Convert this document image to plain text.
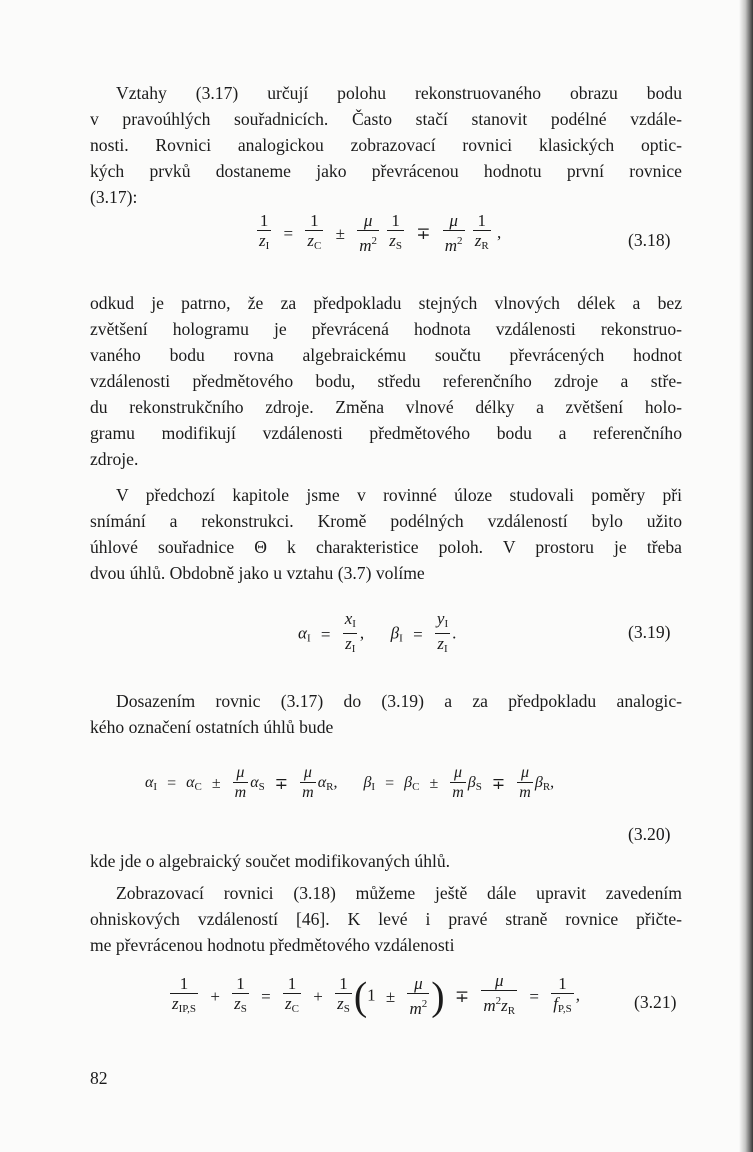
Vztahy (3.17) určují polohu rekonstruovaného obrazu bodu
v pravoúhlých souřadnicích. Často stačí stanovit podélné vzdále-
nosti. Rovnici analogickou zobrazovací rovnici klasických optic-
kých prvků dostaneme jako převrácenou hodnotu první rovnice
(3.17):
$\frac{1}{z_I} = \frac{1}{z_C} \pm \frac{\mu}{m^2}$
$\frac{1}{z_S} \mp \frac{\mu}{m^2}$
$\frac{1}{z_R}$ ,	(3.18)
odkud je patrno, že za předpokladu stejných vlnových délek a bez
zvětšení hologramu je převrácená hodnota vzdálenosti rekonstruo-
vaného bodu rovna algebraickému součtu převrácených hodnot
vzdálenosti předmětového bodu, středu referenčního zdroje a stře-
du rekonstrukčního zdroje. Změna vlnové délky a zvětšení holo-
gramu modifikují vzdálenosti předmětového bodu a referenčního
zdroje.
V předchozí kapitole jsme v rovinné úloze studovali poměry při
snímání a rekonstrukci. Kromě podélných vzdáleností bylo užito
úhlové souřadnice Θ k charakteristice poloh. V prostoru je třeba
dvou úhlů. Obdobně jako u vztahu (3.7) volíme
$\alpha_I = \frac{x_I}{z_I}$ , $\beta_I = \frac{y_I}{z_I}$ .	(3.19)
Dosazením rovnic (3.17) do (3.19) a za předpokladu analogic-
kého označení ostatních úhlů bude
$\alpha_I = \alpha_C \pm \frac{\mu}{m} \alpha_S \mp \frac{\mu}{m} \alpha_R$, $\beta_I = \beta_C \pm \frac{\mu}{m} \beta_S \mp \frac{\mu}{m} \beta_R$,
(3.20)
kde jde o algebraický součet modifikovaných úhlů.
Zobrazovací rovnici (3.18) můžeme ještě dále upravit zavedením
ohniskových vzdáleností [46]. K levé i pravé straně rovnice přičte-
me převrácenou hodnotu předmětového vzdálenosti
$\frac{1}{z_{IP,S}} + \frac{1}{z_S} = \frac{1}{z_C} + \frac{1}{z_S} (1 \pm \frac{\mu}{m^2}$ ) ∓ $\frac{\mu}{m^2z_R} = \frac{1}{f_{P,S}}$ ,	(3.21)
82
